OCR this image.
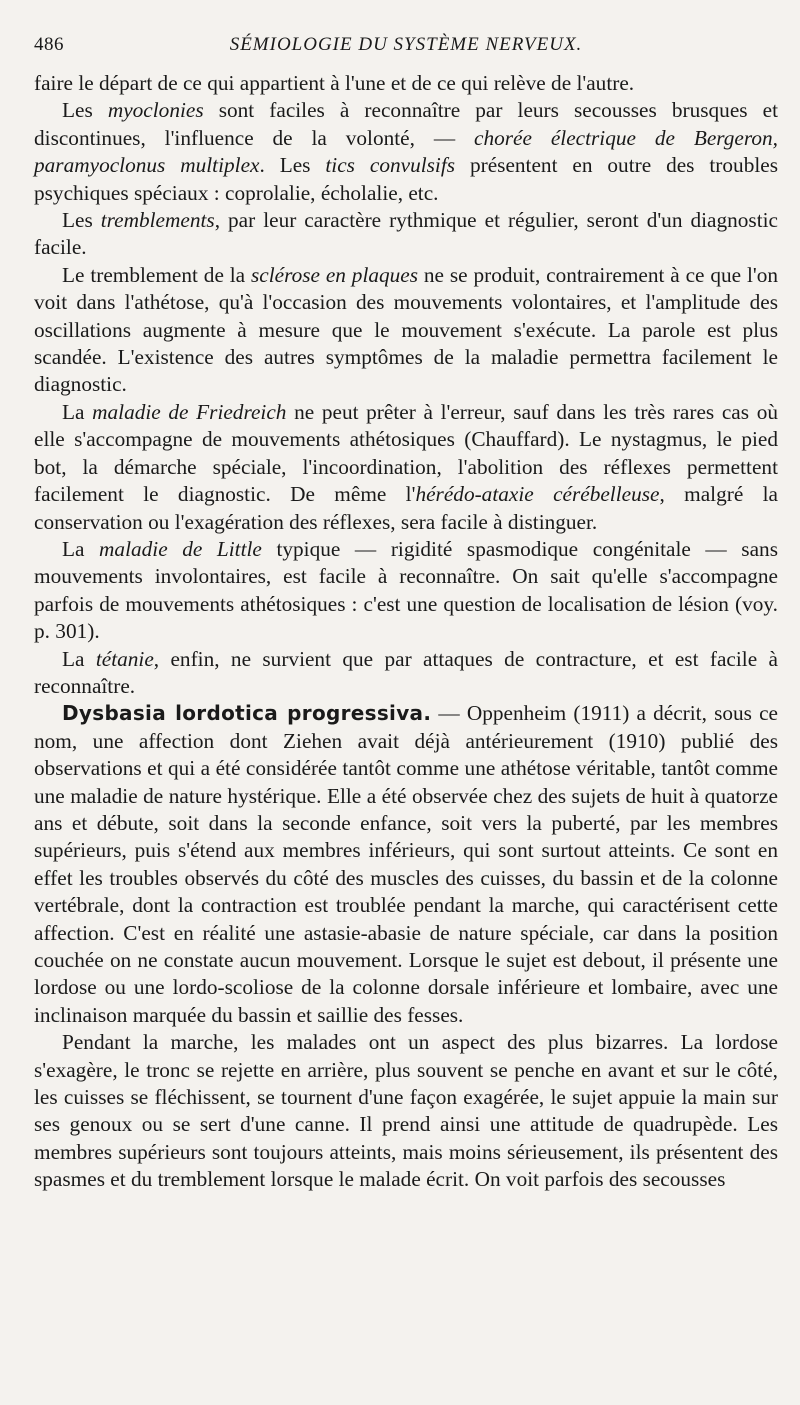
486	SÉMIOLOGIE DU SYSTÈME NERVEUX.

faire le départ de ce qui appartient à l'une et de ce qui relève de l'autre.

Les myoclonies sont faciles à reconnaître par leurs secousses brusques et discontinues, l'influence de la volonté, — chorée électrique de Bergeron, paramyoclonus multiplex. Les tics convulsifs présentent en outre des troubles psychiques spéciaux : coprolalie, écholalie, etc.

Les tremblements, par leur caractère rythmique et régulier, seront d'un diagnostic facile.

Le tremblement de la sclérose en plaques ne se produit, contrairement à ce que l'on voit dans l'athétose, qu'à l'occasion des mouvements volontaires, et l'amplitude des oscillations augmente à mesure que le mouvement s'exécute. La parole est plus scandée. L'existence des autres symptômes de la maladie permettra facilement le diagnostic.

La maladie de Friedreich ne peut prêter à l'erreur, sauf dans les très rares cas où elle s'accompagne de mouvements athétosiques (Chauffard). Le nystagmus, le pied bot, la démarche spéciale, l'incoordination, l'abolition des réflexes permettent facilement le diagnostic. De même l'hérédo-ataxie cérébelleuse, malgré la conservation ou l'exagération des réflexes, sera facile à distinguer.

La maladie de Little typique — rigidité spasmodique congénitale — sans mouvements involontaires, est facile à reconnaître. On sait qu'elle s'accompagne parfois de mouvements athétosiques : c'est une question de localisation de lésion (voy. p. 301).

La tétanie, enfin, ne survient que par attaques de contracture, et est facile à reconnaître.

Dysbasia lordotica progressiva. — Oppenheim (1911) a décrit, sous ce nom, une affection dont Ziehen avait déjà antérieurement (1910) publié des observations et qui a été considérée tantôt comme une athétose véritable, tantôt comme une maladie de nature hystérique. Elle a été observée chez des sujets de huit à quatorze ans et débute, soit dans la seconde enfance, soit vers la puberté, par les membres supérieurs, puis s'étend aux membres inférieurs, qui sont surtout atteints. Ce sont en effet les troubles observés du côté des muscles des cuisses, du bassin et de la colonne vertébrale, dont la contraction est troublée pendant la marche, qui caractérisent cette affection. C'est en réalité une astasie-abasie de nature spéciale, car dans la position couchée on ne constate aucun mouvement. Lorsque le sujet est debout, il présente une lordose ou une lordo-scoliose de la colonne dorsale inférieure et lombaire, avec une inclinaison marquée du bassin et saillie des fesses.

Pendant la marche, les malades ont un aspect des plus bizarres. La lordose s'exagère, le tronc se rejette en arrière, plus souvent se penche en avant et sur le côté, les cuisses se fléchissent, se tournent d'une façon exagérée, le sujet appuie la main sur ses genoux ou se sert d'une canne. Il prend ainsi une attitude de quadrupède. Les membres supérieurs sont toujours atteints, mais moins sérieusement, ils présentent des spasmes et du tremblement lorsque le malade écrit. On voit parfois des secousses
